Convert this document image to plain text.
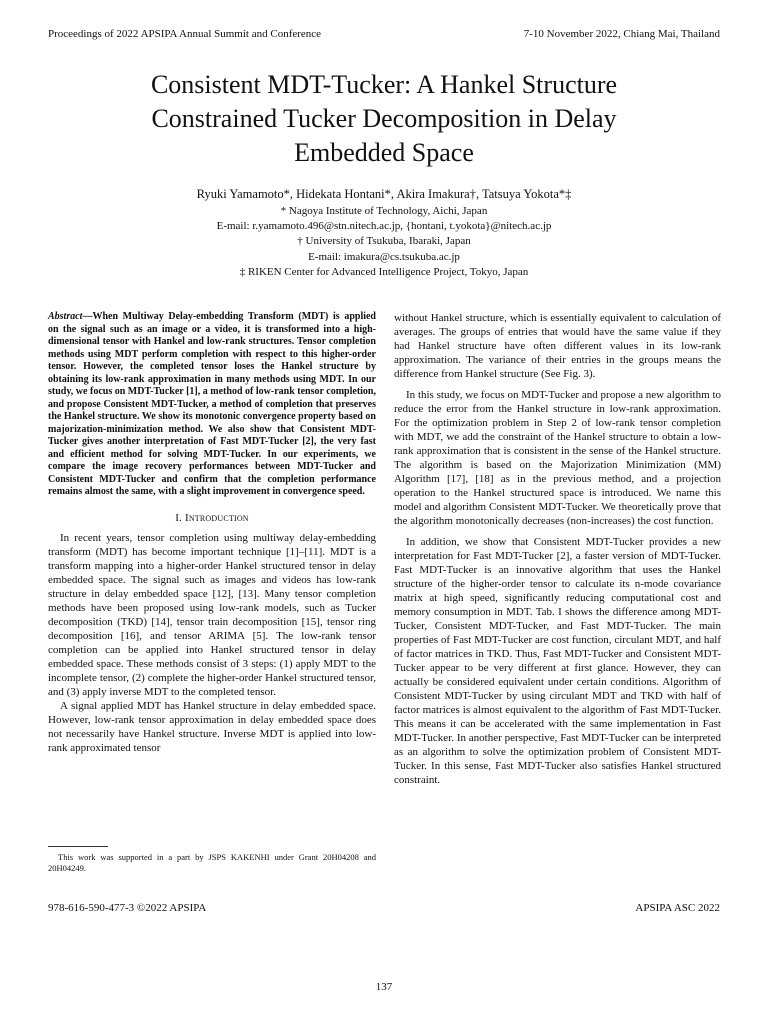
Proceedings of 2022 APSIPA Annual Summit and Conference	7-10 November 2022, Chiang Mai, Thailand
Consistent MDT-Tucker: A Hankel Structure
Constrained Tucker Decomposition in Delay
Embedded Space
Ryuki Yamamoto*, Hidekata Hontani*, Akira Imakura†, Tatsuya Yokota*‡
* Nagoya Institute of Technology, Aichi, Japan
E-mail: r.yamamoto.496@stn.nitech.ac.jp, {hontani, t.yokota}@nitech.ac.jp
† University of Tsukuba, Ibaraki, Japan
E-mail: imakura@cs.tsukuba.ac.jp
‡ RIKEN Center for Advanced Intelligence Project, Tokyo, Japan

Abstract—When Multiway Delay-embedding Transform (MDT) is applied on the signal such as an image or a video, it is transformed into a high-dimensional tensor with Hankel and low-rank structures. Tensor completion methods using MDT perform completion with respect to this higher-order tensor. However, the completed tensor loses the Hankel structure by obtaining its low-rank approximation in many methods using MDT. In our study, we focus on MDT-Tucker [1], a method of low-rank tensor completion, and propose Consistent MDT-Tucker, a method of completion that preserves the Hankel structure. We show its monotonic convergence property based on majorization-minimization method. We also show that Consistent MDT-Tucker gives another interpretation of Fast MDT-Tucker [2], the very fast and efficient method for solving MDT-Tucker. In our experiments, we compare the image recovery performances between MDT-Tucker and Consistent MDT-Tucker and confirm that the completion performance remains almost the same, with a slight improvement in convergence speed.

I. Introduction

In recent years, tensor completion using multiway delay-embedding transform (MDT) has become important technique [1]–[11]. MDT is a transform mapping into a higher-order Hankel structured tensor in delay embedded space. The signal such as images and videos has low-rank structure in delay embedded space [12], [13]. Many tensor completion methods have been proposed using low-rank models, such as Tucker decomposition (TKD) [14], tensor train decomposition [15], tensor ring decomposition [16], and tensor ARIMA [5]. The low-rank tensor completion can be applied into Hankel structured tensor in delay embedded space. These methods consist of 3 steps: (1) apply MDT to the incomplete tensor, (2) complete the higher-order Hankel structured tensor, and (3) apply inverse MDT to the completed tensor.

A signal applied MDT has Hankel structure in delay embedded space. However, low-rank tensor approximation in delay embedded space does not necessarily have Hankel structure. Inverse MDT is applied into low-rank approximated tensor

This work was supported in a part by JSPS KAKENHI under Grant 20H04208 and 20H04249.

without Hankel structure, which is essentially equivalent to calculation of averages. The groups of entries that would have the same value if they had Hankel structure have often different values in its low-rank approximation. The variance of their entries in the groups means the difference from Hankel structure (See Fig. 3).

In this study, we focus on MDT-Tucker and propose a new algorithm to reduce the error from the Hankel structure in low-rank approximation. For the optimization problem in Step 2 of low-rank tensor completion with MDT, we add the constraint of the Hankel structure to obtain a low-rank approximation that is consistent in the sense of the Hankel structure. The algorithm is based on the Majorization Minimization (MM) Algorithm [17], [18] as in the previous method, and a projection operation to the Hankel structured space is introduced. We name this model and algorithm Consistent MDT-Tucker. We theoretically prove that the algorithm monotonically decreases (non-increases) the cost function.

In addition, we show that Consistent MDT-Tucker provides a new interpretation for Fast MDT-Tucker [2], a faster version of MDT-Tucker. Fast MDT-Tucker is an innovative algorithm that uses the Hankel structure of the higher-order tensor to calculate its n-mode covariance matrix at high speed, significantly reducing computational cost and memory consumption in MDT. Tab. I shows the difference among MDT-Tucker, Consistent MDT-Tucker, and Fast MDT-Tucker. The main properties of Fast MDT-Tucker are cost function, circulant MDT, and half of factor matrices in TKD. Thus, Fast MDT-Tucker and Consistent MDT-Tucker appear to be very different at first glance. However, they can actually be considered equivalent under certain conditions. Algorithm of Consistent MDT-Tucker by using circulant MDT and TKD with half of factor matrices is almost equivalent to the algorithm of Fast MDT-Tucker. This means it can be accelerated with the same implementation in Fast MDT-Tucker. In another perspective, Fast MDT-Tucker can be interpreted as an algorithm to solve the optimization problem of Consistent MDT-Tucker. In this sense, Fast MDT-Tucker also satisfies Hankel structured constraint.

978-616-590-477-3 ©2022 APSIPA	APSIPA ASC 2022
137
